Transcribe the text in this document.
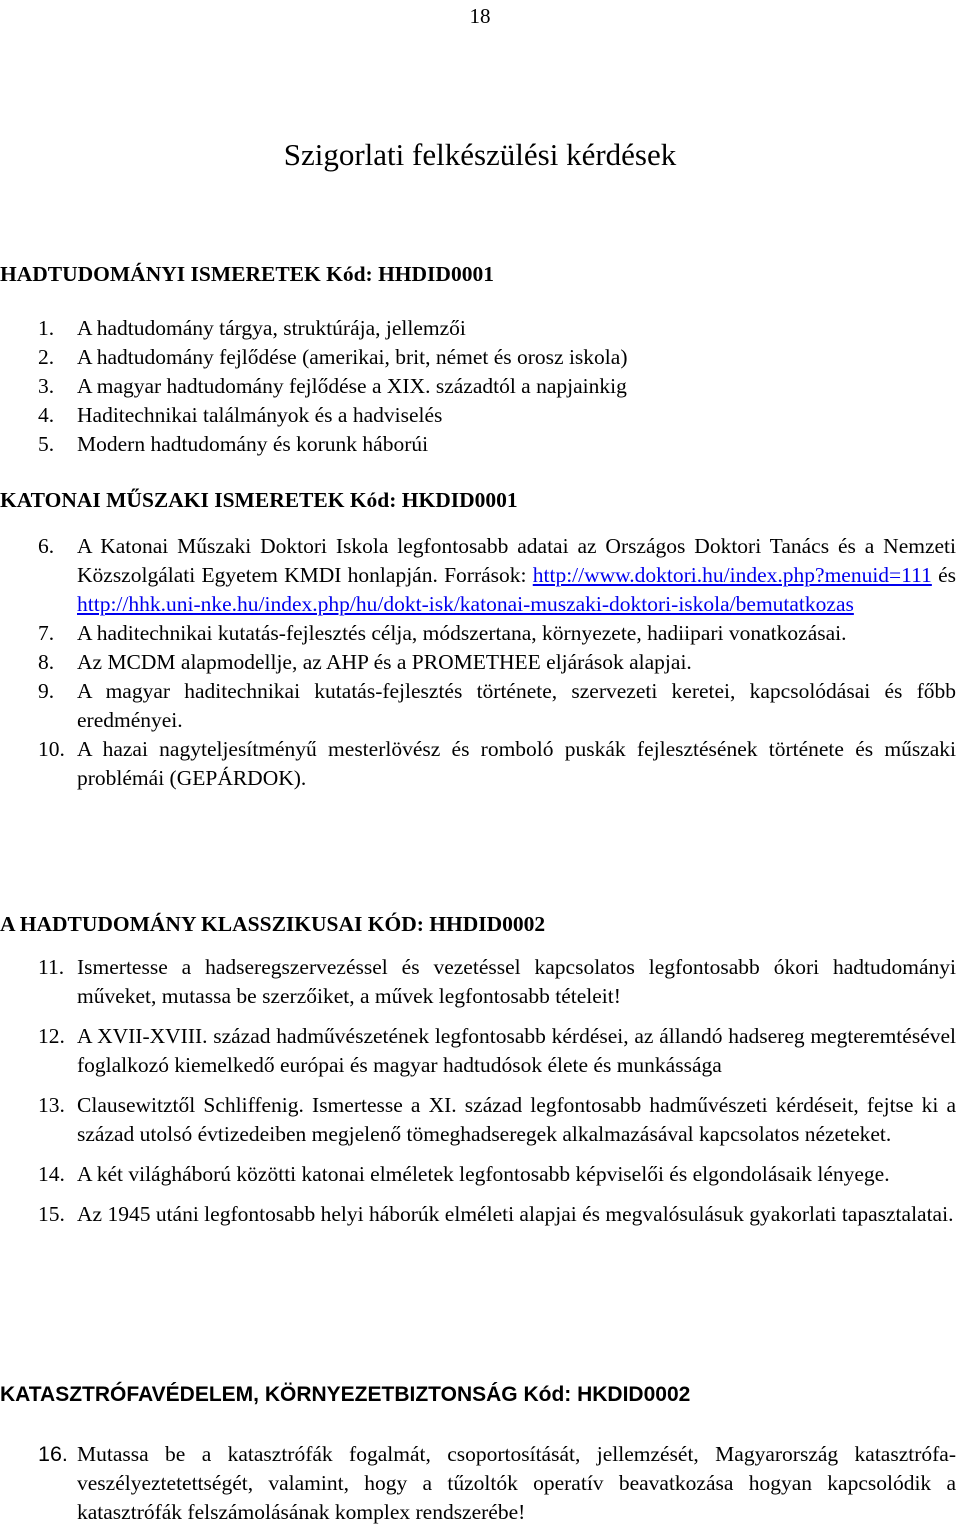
18
Szigorlati felkészülési kérdések
HADTUDOMÁNYI ISMERETEK Kód: HHDID0001
1.	A hadtudomány tárgya, struktúrája, jellemzői
2.	A hadtudomány fejlődése (amerikai, brit, német és orosz iskola)
3.	A magyar hadtudomány fejlődése a XIX. századtól a napjainkig
4.	Haditechnikai találmányok és a hadviselés
5.	Modern hadtudomány és korunk háborúi
KATONAI MŰSZAKI ISMERETEK Kód: HKDID0001
6.	A Katonai Műszaki Doktori Iskola legfontosabb adatai az Országos Doktori Tanács és a Nemzeti Közszolgálati Egyetem KMDI honlapján. Források: http://www.doktori.hu/index.php?menuid=111 és http://hhk.uni-nke.hu/index.php/hu/dokt-isk/katonai-muszaki-doktori-iskola/bemutatkozas
7.	A haditechnikai kutatás-fejlesztés célja, módszertana, környezete, hadiipari vonatkozásai.
8.	Az MCDM alapmodellje, az AHP és a PROMETHEE eljárások alapjai.
9.	A magyar haditechnikai kutatás-fejlesztés története, szervezeti keretei, kapcsolódásai és főbb eredményei.
10. A hazai nagyteljesítményű mesterlövész és romboló puskák fejlesztésének története és műszaki problémái (GEPÁRDOK).
A HADTUDOMÁNY KLASSZIKUSAI KÓD: HHDID0002
11. Ismertesse a hadseregszervezéssel és vezetéssel kapcsolatos legfontosabb ókori hadtudományi műveket, mutassa be szerzőiket, a művek legfontosabb tételeit!
12. A XVII-XVIII. század hadművészetének legfontosabb kérdései, az állandó hadsereg megteremtésével foglalkozó kiemelkedő európai és magyar hadtudósok élete és munkássága
13. Clausewitztől Schliffenig. Ismertesse a XI. század legfontosabb hadművészeti kérdéseit, fejtse ki a század utolsó évtizedeiben megjelenő tömeghadseregek alkalmazásával kapcsolatos nézeteket.
14. A két világháború közötti katonai elméletek legfontosabb képviselői és elgondolásaik lényege.
15. Az 1945 utáni legfontosabb helyi háborúk elméleti alapjai és megvalósulásuk gyakorlati tapasztalatai.
KATASZTRÓFAVÉDELEM, KÖRNYEZETBIZTONSÁG Kód: HKDID0002
16. Mutassa be a katasztrófák fogalmát, csoportosítását, jellemzését, Magyarország katasztrófa-veszélyeztetettségét, valamint, hogy a tűzoltók operatív beavatkozása hogyan kapcsolódik a katasztrófák felszámolásának komplex rendszerébe!
